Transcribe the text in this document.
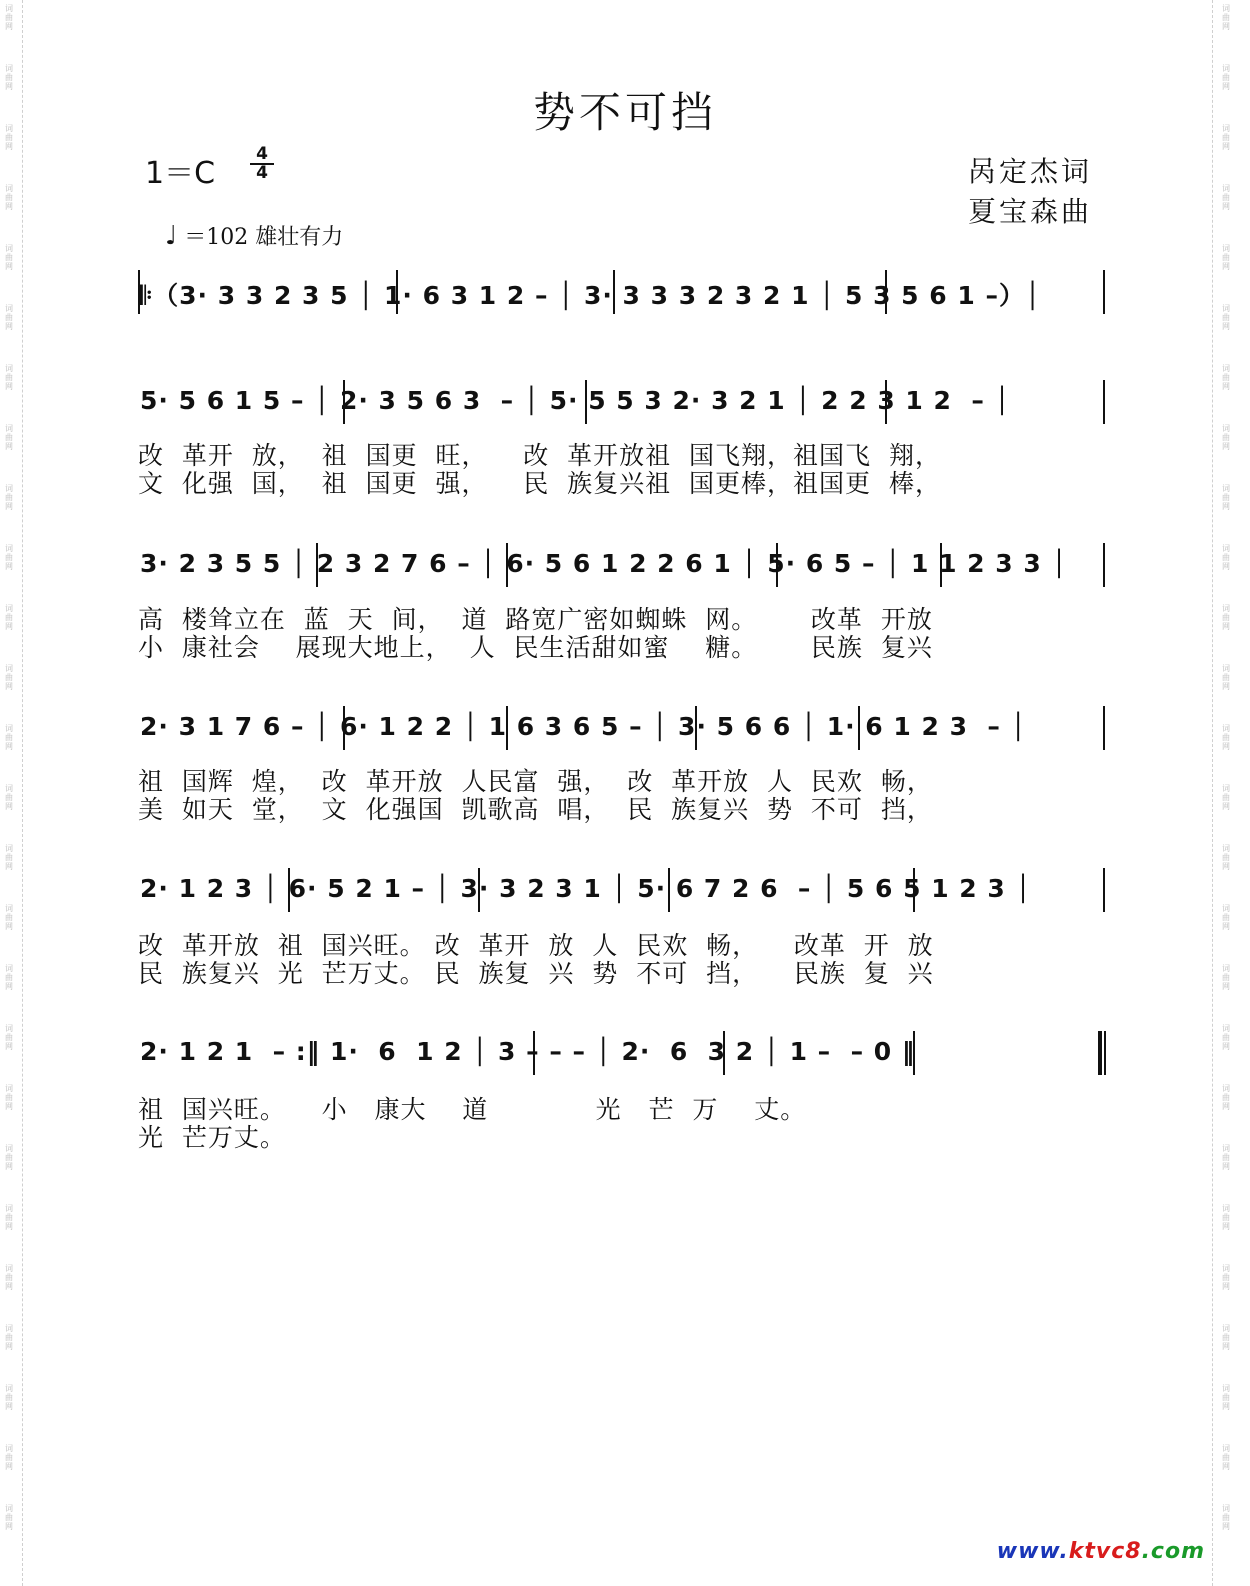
词
曲
网
词
曲
网
词
曲
网
词
曲
网
词
曲
网
词
曲
网
词
曲
网
词
曲
网
词
曲
网
词
曲
网
词
曲
网
词
曲
网
词
曲
网
词
曲
网
词
曲
网
词
曲
网
词
曲
网
词
曲
网
词
曲
网
词
曲
网
词
曲
网
词
曲
网
词
曲
网
词
曲
网
词
曲
网
词
曲
网
词
曲
网
词
曲
网
词
曲
网
词
曲
网
词
曲
网
词
曲
网
词
曲
网
词
曲
网
词
曲
网
词
曲
网
词
曲
网
词
曲
网
词
曲
网
词
曲
网
词
曲
网
词
曲
网
词
曲
网
词
曲
网
词
曲
网
词
曲
网
词
曲
网
词
曲
网
词
曲
网
词
曲
网
词
曲
网
词
曲
网
势不可挡
1＝C
4
4	呙定杰词
夏宝森曲
♩ ＝102 雄壮有力
𝄆（3· 3 3 2 3 5 │ 1· 6 3 1 2 – │ 3· 3 3 3 2 3 2 1 │ 5 3 5 6 1 –）│
5· 5 6 1 5 – │ 2· 3 5 6 3  – │ 5· 5 5 3 2· 3 2 1 │ 2 2 3 1 2  – │
改  革开  放，  祖  国更  旺，    改  革开放祖  国飞翔，祖国飞  翔，
文  化强  国，  祖  国更  强，    民  族复兴祖  国更棒，祖国更  棒，
3· 2 3 5 5 │ 2 3 2 7 6 – │ 6· 5 6 1 2 2 6 1 │ 5· 6 5 – │ 1 1 2 3 3 │
高  楼耸立在  蓝  天  间，  道  路宽广密如蜘蛛  网。      改革  开放
小  康社会    展现大地上，  人  民生活甜如蜜    糖。      民族  复兴
2· 3 1 7 6 – │ 6· 1 2 2 │ 1 6 3 6 5 – │ 3· 5 6 6 │ 1· 6 1 2 3  – │
祖  国辉  煌，  改  革开放  人民富  强，  改  革开放  人  民欢  畅，
美  如天  堂，  文  化强国  凯歌高  唱，  民  族复兴  势  不可  挡，
2· 1 2 3 │ 6· 5 2 1 – │ 3· 3 2 3 1 │ 5· 6 7 2 6  – │ 5 6 5 1 2 3 │
改  革开放  祖  国兴旺。 改  革开  放  人  民欢  畅，    改革  开  放
民  族复兴  光  芒万丈。 民  族复  兴  势  不可  挡，    民族  复  兴
2· 1 2 1  – :‖ 1·  6  1 2 │ 3 – – – │ 2·  6  3 2 │ 1 –  – 0 ‖
祖  国兴旺。    小   康大    道            光   芒  万    丈。
光  芒万丈。
www.ktvc8.com
